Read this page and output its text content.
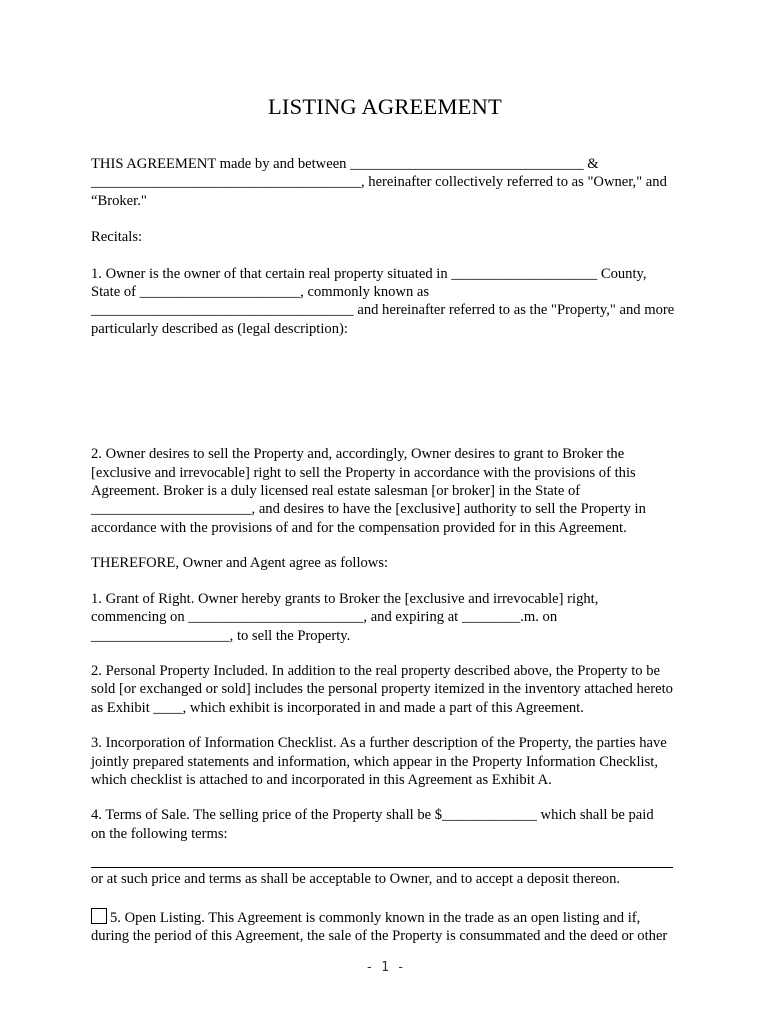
LISTING AGREEMENT

THIS AGREEMENT made by and between ________________________________ &

_____________________________________, hereinafter collectively referred to as "Owner," and

“Broker."

Recitals:

1. Owner is the owner of that certain real property situated in ____________________ County,

State of ______________________, commonly known as

____________________________________ and hereinafter referred to as the "Property," and more

particularly described as (legal description):

2. Owner desires to sell the Property and, accordingly, Owner desires to grant to Broker the

[exclusive and irrevocable] right to sell the Property in accordance with the provisions of this

Agreement. Broker is a duly licensed real estate salesman [or broker] in the State of

______________________, and desires to have the [exclusive] authority to sell the Property in

accordance with the provisions of and for the compensation provided for in this Agreement.

THEREFORE, Owner and Agent agree as follows:

1. Grant of Right. Owner hereby grants to Broker the [exclusive and irrevocable] right,

commencing on ________________________, and expiring at ________.m. on

___________________, to sell the Property.

2. Personal Property Included. In addition to the real property described above, the Property to be

sold [or exchanged or sold] includes the personal property itemized in the inventory attached hereto

as Exhibit ____, which exhibit is incorporated in and made a part of this Agreement.

3. Incorporation of Information Checklist. As a further description of the Property, the parties have

jointly prepared statements and information, which appear in the Property Information Checklist,

which checklist is attached to and incorporated in this Agreement as Exhibit A.

4. Terms of Sale. The selling price of the Property shall be $_____________ which shall be paid

on the following terms:

or at such price and terms as shall be acceptable to Owner, and to accept a deposit thereon.

5. Open Listing. This Agreement is commonly known in the trade as an open listing and if,

during the period of this Agreement, the sale of the Property is consummated and the deed or other

- 1 -
